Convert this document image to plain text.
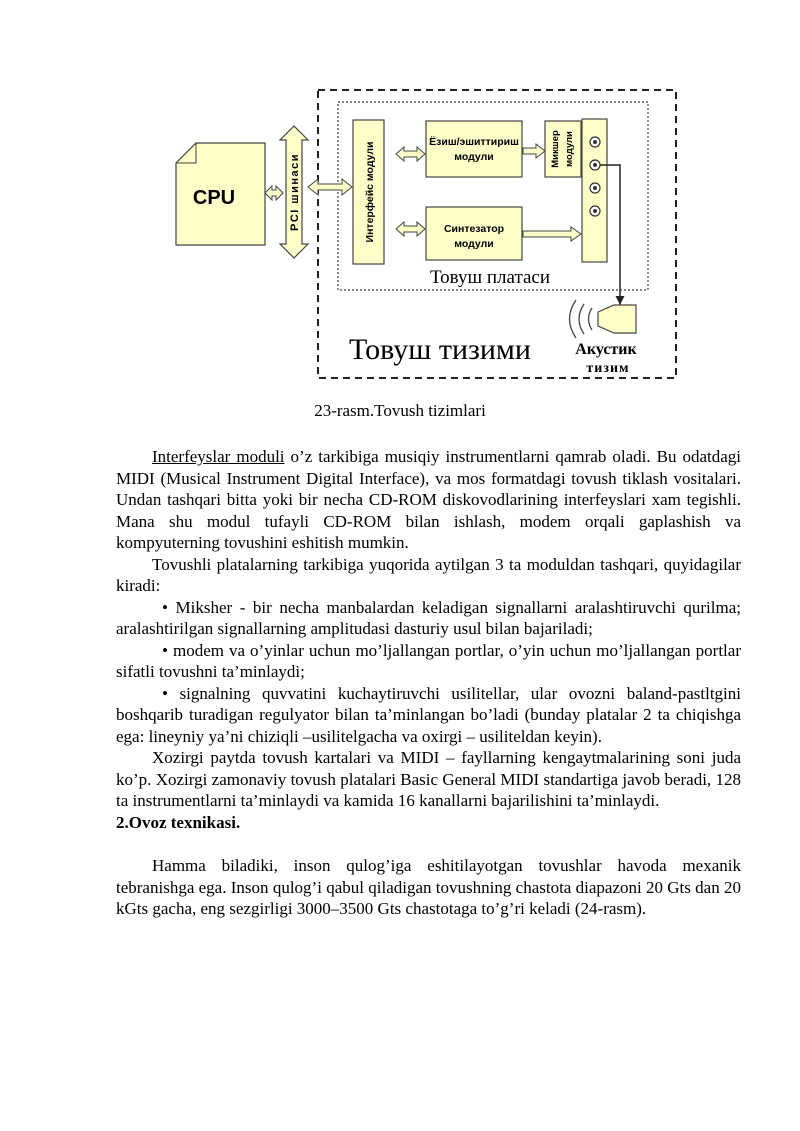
CPU	PCI шинаси	Интерфейс модули	Ёзиш/эшиттириш
модули
Синтезатор
модули
Микшер модули
Товуш платаси
Товуш тизими	Акустик
тизим
23-rasm.Tovush tizimlari

Interfeyslar moduli o’z tarkibiga musiqiy instrumentlarni qamrab oladi. Bu odatdagi MIDI (Musical Instrument Digital Interface), va mos formatdagi tovush tiklash vositalari. Undan tashqari bitta yoki bir necha CD-ROM diskovodlarining interfeyslari xam tegishli. Mana shu modul tufayli CD-ROM bilan ishlash, modem orqali gaplashish va kompyuterning tovushini eshitish mumkin.

Tovushli platalarning tarkibiga yuqorida aytilgan 3 ta moduldan tashqari, quyidagilar kiradi:

• Miksher - bir necha manbalardan keladigan signallarni aralashtiruvchi qurilma; aralashtirilgan signallarning amplitudasi dasturiy usul bilan bajariladi;

• modem va o’yinlar uchun mo’ljallangan portlar, o’yin uchun mo’ljallangan portlar sifatli tovushni ta’minlaydi;

• signalning quvvatini kuchaytiruvchi usilitellar, ular ovozni baland-pastltgini boshqarib turadigan regulyator bilan ta’minlangan bo’ladi (bunday platalar 2 ta chiqishga ega: lineyniy ya’ni chiziqli –usilitelgacha va oxirgi – usiliteldan keyin).

Xozirgi paytda tovush kartalari va MIDI – fayllarning kengaytmalarining soni juda ko’p. Xozirgi zamonaviy tovush platalari Basic General MIDI standartiga javob beradi, 128 ta instrumentlarni ta’minlaydi va kamida 16 kanallarni bajarilishini ta’minlaydi.

2.Ovoz texnikasi.

Hamma biladiki, inson qulog’iga eshitilayotgan tovushlar havoda mexanik tebranishga ega. Inson qulog’i qabul qiladigan tovushning chastota diapazoni 20 Gts dan 20 kGts gacha, eng sezgirligi 3000–3500 Gts chastotaga to’g’ri keladi (24-rasm).
